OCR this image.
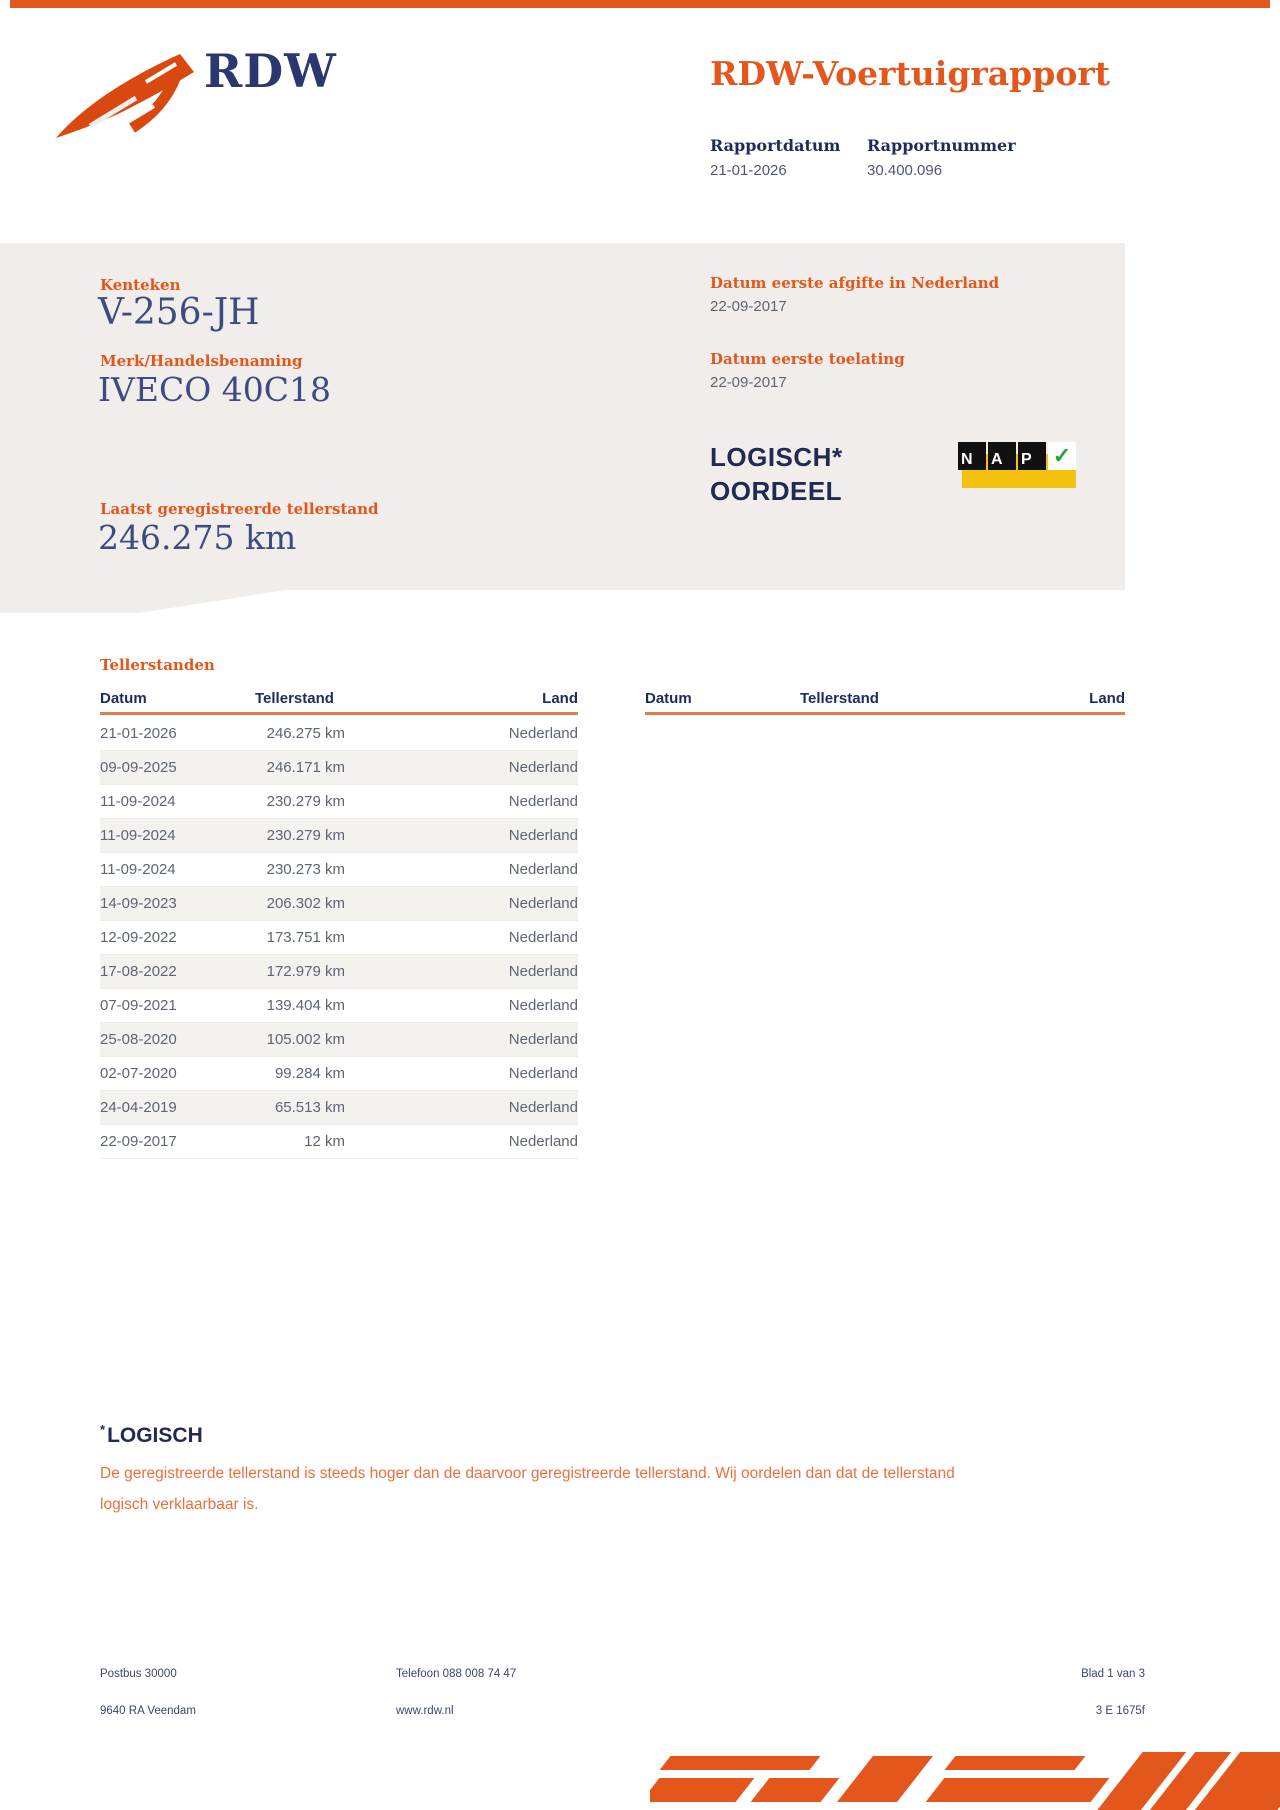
RDW	RDW-Voertuigrapport
Rapportdatum Rapportnummer
21-01-2026	30.400.096
Kenteken
V-256-JH
Merk/Handelsbenaming
IVECO 40C18
Laatst geregistreerde tellerstand
246.275 km
Datum eerste afgifte in Nederland
22-09-2017
Datum eerste toelating
22-09-2017
LOGISCH*
OORDEEL
N	A	P ✓
Tellerstanden
Datum	Tellerstand	Land	Datum	Tellerstand	Land
21-01-2026	246.275 km	Nederland
09-09-2025	246.171 km	Nederland
11-09-2024	230.279 km	Nederland
11-09-2024	230.279 km	Nederland
11-09-2024	230.273 km	Nederland
14-09-2023	206.302 km	Nederland
12-09-2022	173.751 km	Nederland
17-08-2022	172.979 km	Nederland
07-09-2021	139.404 km	Nederland
25-08-2020	105.002 km	Nederland
02-07-2020	99.284 km	Nederland
24-04-2019	65.513 km	Nederland
22-09-2017	12 km	Nederland
*LOGISCH
De geregistreerde tellerstand is steeds hoger dan de daarvoor geregistreerde tellerstand. Wij oordelen dan dat de tellerstand logisch verklaarbaar is.
Postbus 30000
9640 RA Veendam
Telefoon 088 008 74 47
www.rdw.nl
Blad 1 van 3
3 E 1675f
